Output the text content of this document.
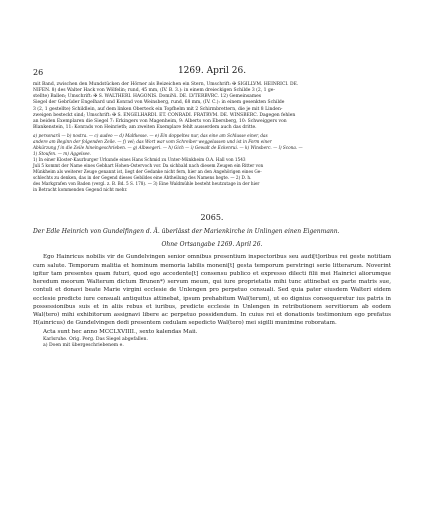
26	1269. April 26.

mit Band, zwischen den Mundstücken der Hörner als Beizeichen ein Stern, Umschrift: ✠ SIGILLVM. HEINRICI. DE.

NIFEN. 8) des Walter Hack von Wölfelin; rund, 45 mm, (IV. B. 3.): in einem dreieckigen Schilde 3 (2, 1 ge-

stellte) Ballen; Umschrift: ✠ S. WALTHERI. HAGONIS. DomiNi. DE. LVTERBVRC. 12) Gemeinsames

Siegel der Gebrüder Engelhard und Konrad von Weinsberg, rund, 68 mm, (IV. C.): in einem gesenkten Schilde

3 (2, 1 gestellte) Schildlein, auf dem linken Oberteck ein Topfhelm mit 2 Schirmbrettern, die je mit 8 Linden-

zweigen besteckt sind; Umschrift: ✠ S. ENGELHARDI. ET. CONRADI. FRATRVM. DE. WINSBERC. Dagegen fehlen

an beiden Exemplaren die Siegel 7: Erkingers von Magenheim, 9: Alberts von Ebersberg, 10: Schweiggers von

Blankenstein, 11: Konrads von Heinrieth; am zweiten Exemplare fehlt ausserdem auch das dritte.

a) personarii — b) nostra. — c) audeo — d) Maltkesse. — e) Ein doppeltes nur, das eine am Schlusse einer, das

andere am Beginn der folgenden Zeile. — f) vel; das Wort war vom Schreiber weggelassen und ist in Form einer

Abkürzung f in die Zeile hineingeschrieben. — g) Albwegeri. — h) Gich — i) Gewalt de Eckenrui. — k) Winsberc. — l) Scona. —

1) Stoufen. — m) Aggelsee.

1) In einer Kloster-Kaurburger Urkunde eines Hans Schmid zu Unter-Münkheim O.A. Hall von 1543

Juli 5 kommt der Name eines Gebhart Hohen-Ostervoch vor. Da sichbald nach diesem Zeugen ein Ritter von

Münkheim als weiterer Zeuge genannt ist, liegt der Gedanke nicht fern, hier an den Angehörigen eines Ge-

schlechts zu denken, das in der Gegend dieses Gebildes eine Abtheilung des Namens hegte. — 2) D. h.

des Markgrafen von Baden (vergl. z. B. Bd. 5 S. 178). — 3) Eine Waldmühle besteht heutzutage in der hier

in Betracht kommenden Gegend nicht mehr.

2065.
Der Edle Heinrich von Gundelfingen d. Ä. überlässt der Marienkirche in Unlingen einen Eigenmann.
Ohne Ortsangabe 1269. April 26.

Ego Hainricus nobilis vir de Gundelvingen senior omnibus presentium inspectoribus seu audi[t]oribus rei geste notitiam cum salute. Temporum malitia et hominum memoria labilis moneni[t] gesta temporum perstringi serie litterarum. Noverint igitur tam presentes quam futuri, quod ego accedente[t] consensu publico et expresso dilecti filii mei Hainrici aliorumque heredum meorum Walterum dictum Brunen*) servum meum, qui iure proprietatis mihi tunc attinebat ex parte matris sue, contuli et donavi beate Marie virgini ecclesie de Unlengen pro perpetuo censuali. Sed quia pater eiusdem Walteri eidem ecclesie predicte iure censuali antiquitus attinebat, ipsum prehabitum Wal(terum), ut eo dignius consequeretur ius patris in possessionibus suis et in aliis rebus et iuribus, predicte ecclesie in Unlengen in retributionem servitiorum ab eodem Wal(tero) mihi exhibitorum assignavi libere ac perpetuo possidendum. In cuius rei et donationis testimonium ego prefatus H(ainricus) de Gundelvingen dedi presentem cedulam sepedicto Wal(tero) mei sigilli munimine roboratam.

Acta sunt hec anno MCCLXVIIII., sexto kalendas Maii.

Karlsruhe. Orig. Perg. Das Siegel abgefallen.

a) Doen mit übergeschriebenem e.
